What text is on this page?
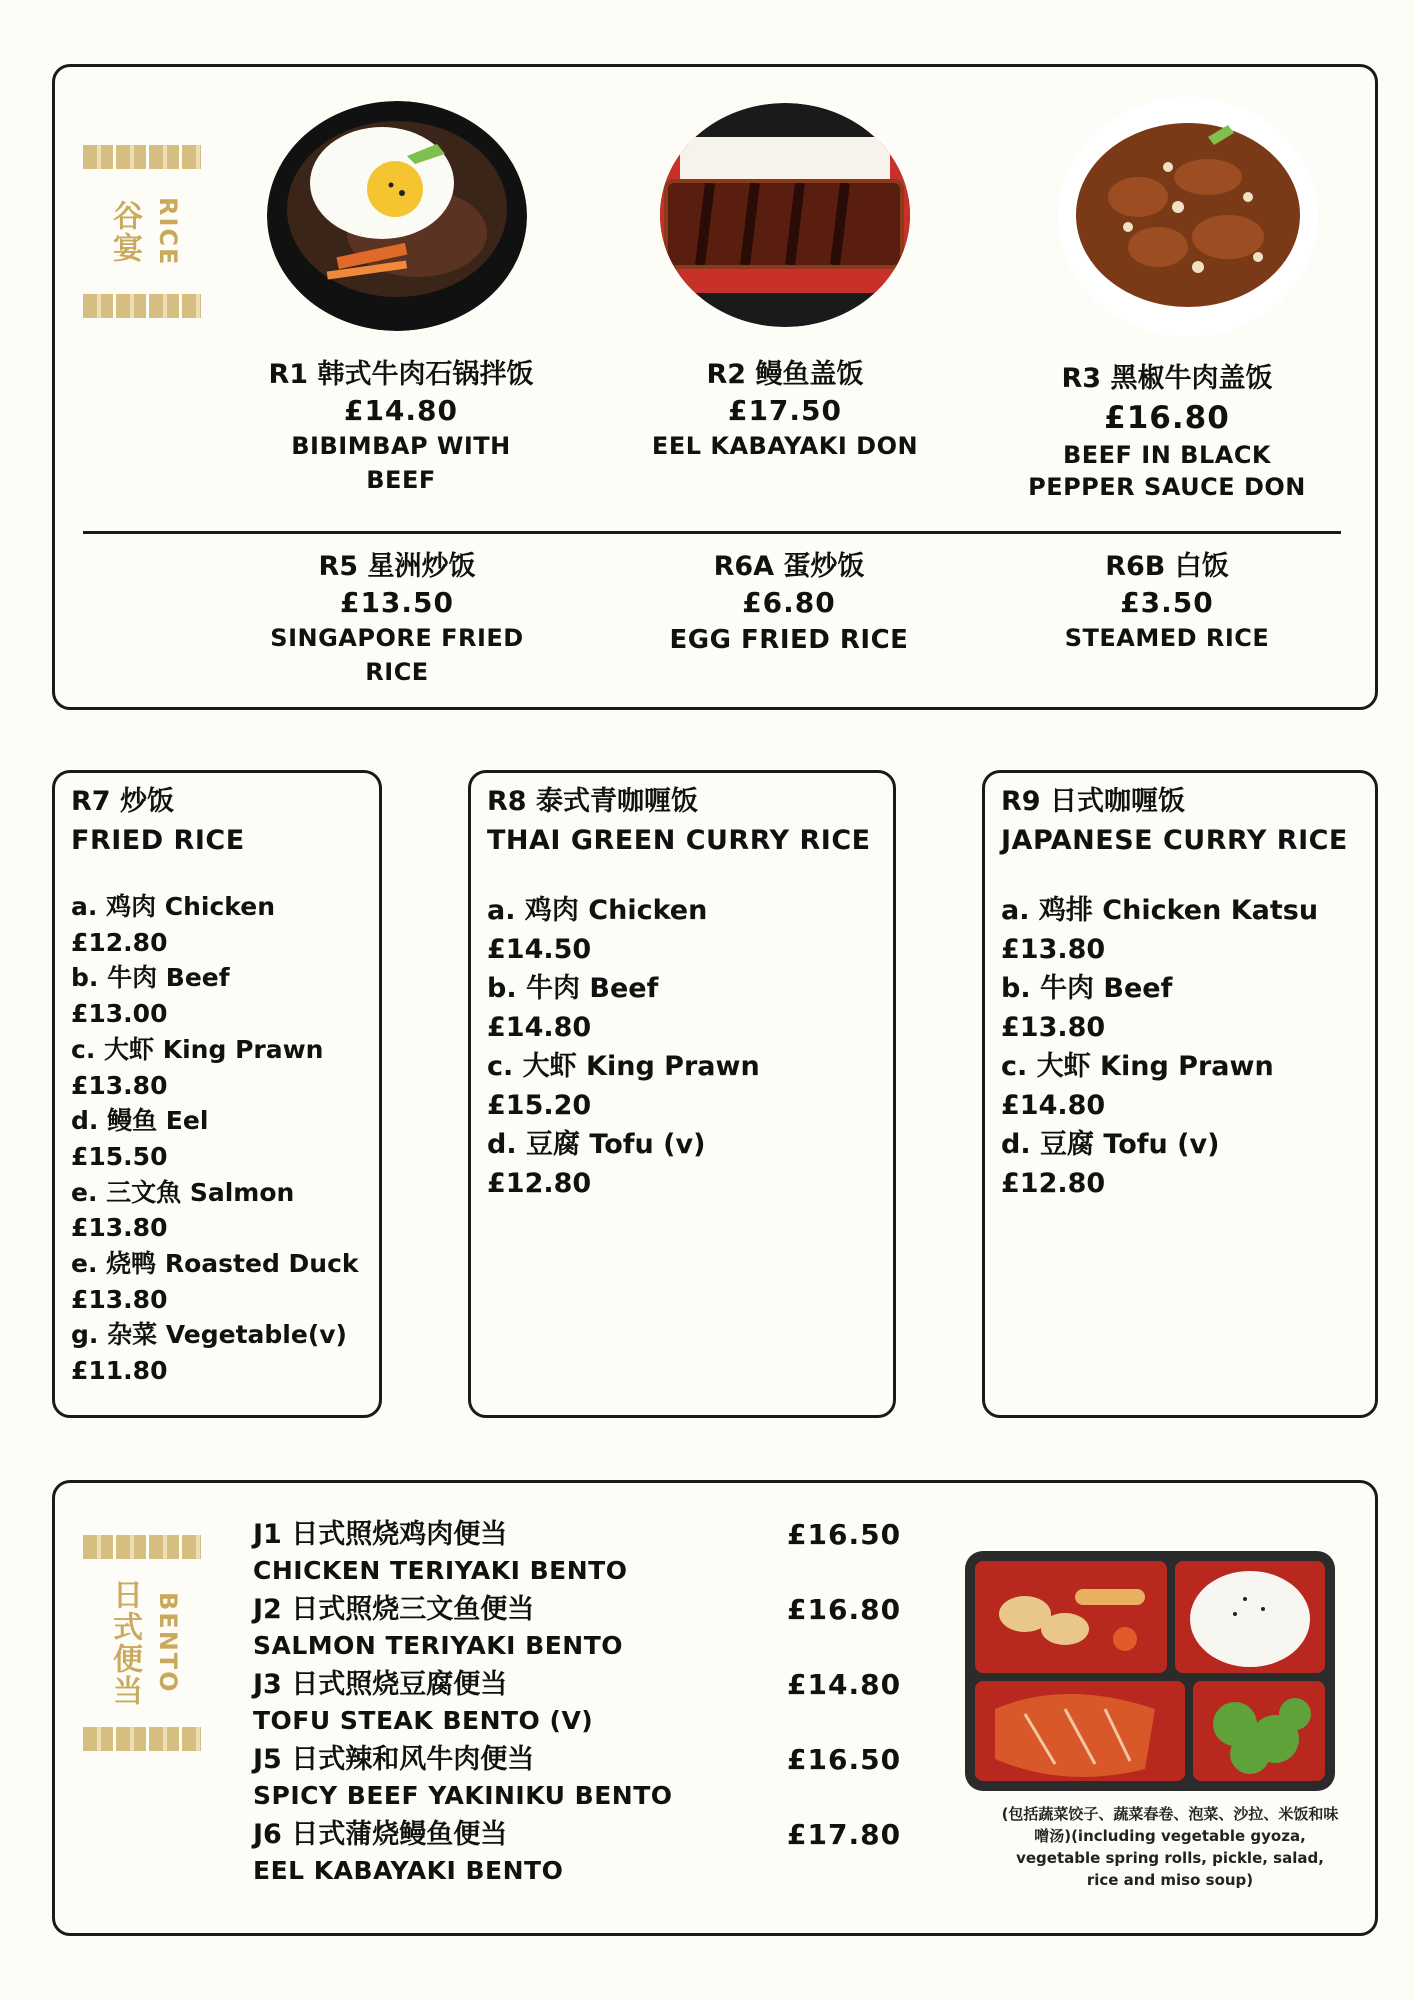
谷宴 RICE
R1 韩式牛肉石锅拌饭
£14.80
BIBIMBAP WITH
BEEF
R2 鳗鱼盖饭
£17.50
EEL KABAYAKI DON
R3 黑椒牛肉盖饭
£16.80
BEEF IN BLACK
PEPPER SAUCE DON
R5 星洲炒饭
£13.50
SINGAPORE FRIED
RICE
R6A 蛋炒饭
£6.80
EGG FRIED RICE
R6B 白饭
£3.50
STEAMED RICE

R7 炒饭

FRIED RICE

a. 鸡肉 Chicken

£12.80

b. 牛肉 Beef

£13.00

c. 大虾 King Prawn

£13.80

d. 鳗鱼 Eel

£15.50

e. 三文魚 Salmon

£13.80

e. 烧鸭 Roasted Duck

£13.80

g. 杂菜 Vegetable(v)

£11.80

R8 泰式青咖喱饭

THAI GREEN CURRY RICE

a. 鸡肉 Chicken

£14.50

b. 牛肉 Beef

£14.80

c. 大虾 King Prawn

£15.20

d. 豆腐 Tofu (v)

£12.80

R9 日式咖喱饭

JAPANESE CURRY RICE

a. 鸡排 Chicken Katsu

£13.80

b. 牛肉 Beef

£13.80

c. 大虾 King Prawn

£14.80

d. 豆腐 Tofu (v)

£12.80

日式便当 BENTO
J1 日式照烧鸡肉便当
CHICKEN TERIYAKI BENTO
£16.50
J2 日式照烧三文鱼便当
SALMON TERIYAKI BENTO
£16.80
J3 日式照烧豆腐便当
TOFU STEAK BENTO (V)
£14.80
J5 日式辣和风牛肉便当
SPICY BEEF YAKINIKU BENTO
£16.50
J6 日式蒲烧鳗鱼便当
EEL KABAYAKI BENTO
£17.80
(包括蔬菜饺子、蔬菜春卷、泡菜、沙拉、米饭和味噌汤)(including vegetable gyoza, vegetable spring rolls, pickle, salad, rice and miso soup)
